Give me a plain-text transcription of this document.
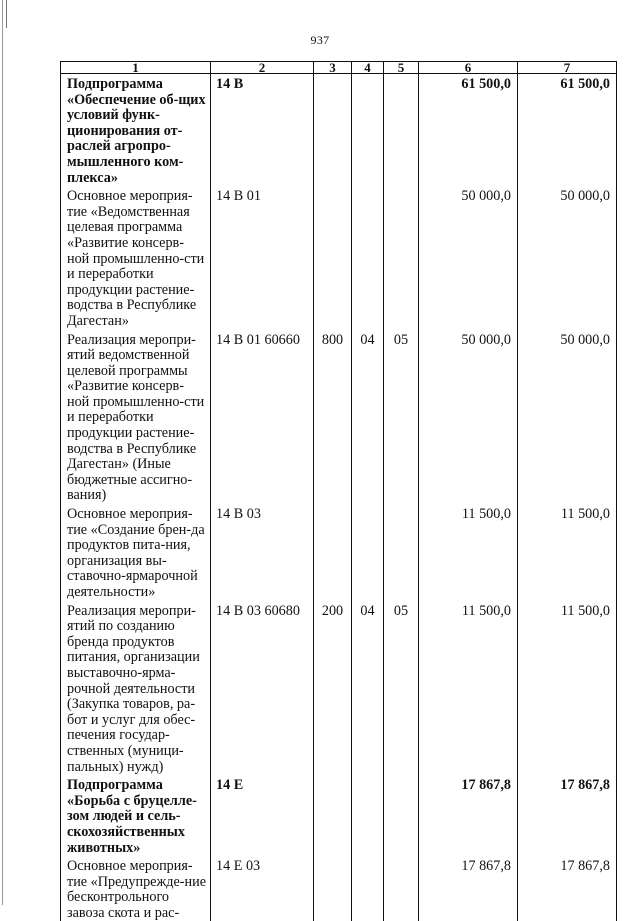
937
1	2	3	4	5	6	7
Подпрограмма «Обеспечение об-щих условий функ-ционирования от-раслей агропро-мышленного ком-плекса»	14 В				61 500,0	61 500,0
Основное мероприя-тие «Ведомственная целевая программа «Развитие консерв-ной промышленно-сти и переработки продукции растение-водства в Республике Дагестан»	14 В 01				50 000,0	50 000,0
Реализация меропри-ятий ведомственной целевой программы «Развитие консерв-ной промышленно-сти и переработки продукции растение-водства в Республике Дагестан» (Иные бюджетные ассигно-вания)	14 В 01 60660	800	04	05	50 000,0	50 000,0
Основное мероприя-тие «Создание брен-да продуктов пита-ния, организация вы-ставочно-ярмарочной деятельности»	14 В 03				11 500,0	11 500,0
Реализация меропри-ятий по созданию бренда продуктов питания, организации выставочно-ярма-рочной деятельности (Закупка товаров, ра-бот и услуг для обес-печения государ-ственных (муници-пальных) нужд)	14 В 03 60680	200	04	05	11 500,0	11 500,0
Подпрограмма «Борьба с бруцелле-зом людей и сель-скохозяйственных животных»	14 Е				17 867,8	17 867,8
Основное мероприя-тие «Предупрежде-ние бесконтрольного завоза скота и рас-	14 Е 03				17 867,8	17 867,8
